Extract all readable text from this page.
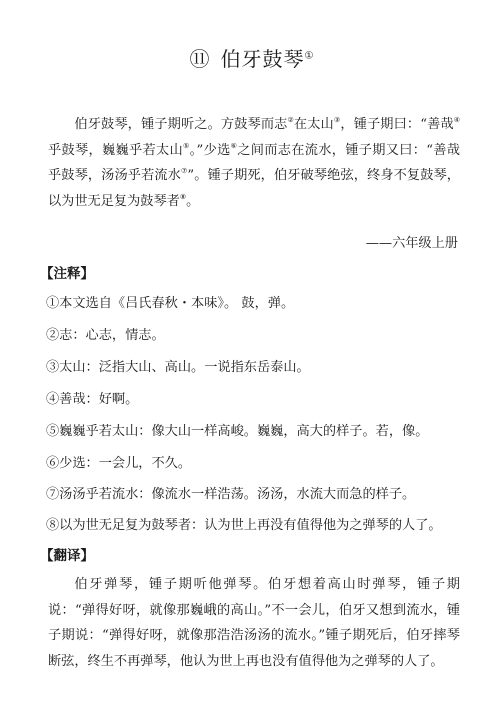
⑪ 伯牙鼓琴①
伯牙鼓琴，锺子期听之。方鼓琴而志②在太山③，锺子期曰：“善哉④乎鼓琴，巍巍乎若太山⑤。”少选⑥之间而志在流水，锺子期又曰：“善哉乎鼓琴，汤汤乎若流水⑦”。锺子期死，伯牙破琴绝弦，终身不复鼓琴，以为世无足复为鼓琴者⑧。
——六年级上册
【注释】
①本文选自《吕氏春秋・本味》。 鼓，弹。
②志：心志，情志。
③太山：泛指大山、高山。一说指东岳泰山。
④善哉：好啊。
⑤巍巍乎若太山：像大山一样高峻。巍巍，高大的样子。若，像。
⑥少选：一会儿，不久。
⑦汤汤乎若流水：像流水一样浩荡。汤汤，水流大而急的样子。
⑧以为世无足复为鼓琴者：认为世上再没有值得他为之弹琴的人了。
【翻译】
伯牙弹琴，锺子期听他弹琴。伯牙想着高山时弹琴，锺子期说：“弹得好呀，就像那巍峨的高山。”不一会儿，伯牙又想到流水，锺子期说：“弹得好呀，就像那浩浩汤汤的流水。”锺子期死后，伯牙摔琴断弦，终生不再弹琴，他认为世上再也没有值得他为之弹琴的人了。
